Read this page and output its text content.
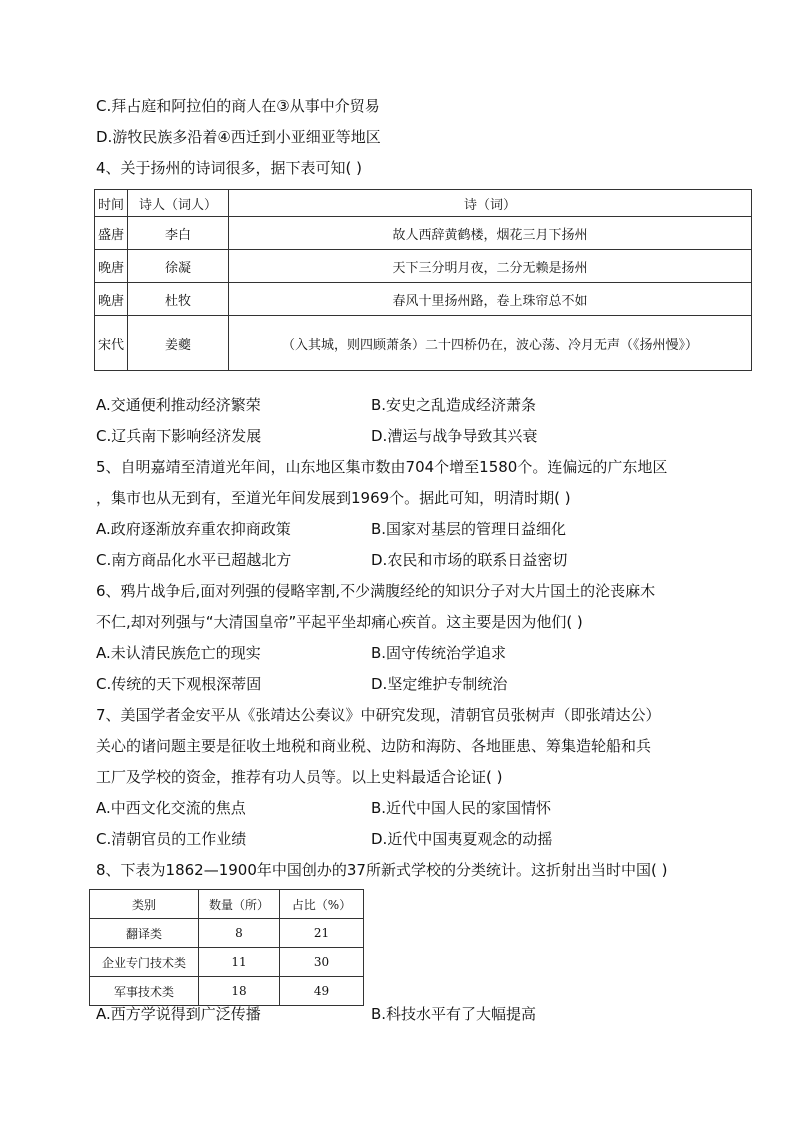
C.拜占庭和阿拉伯的商人在③从事中介贸易
D.游牧民族多沿着④西迁到小亚细亚等地区
4、关于扬州的诗词很多，据下表可知( )
时间	诗人（词人）	诗（词）
盛唐	李白	故人西辞黄鹤楼，烟花三月下扬州
晚唐	徐凝	天下三分明月夜，二分无赖是扬州
晚唐	杜牧	春风十里扬州路，卷上珠帘总不如
宋代	姜夔	（入其城，则四顾萧条）二十四桥仍在，波心荡、冷月无声（《扬州慢》）
A.交通便利推动经济繁荣	B.安史之乱造成经济萧条
C.辽兵南下影响经济发展	D.漕运与战争导致其兴衰
5、自明嘉靖至清道光年间，山东地区集市数由704个增至1580个。连偏远的广东地区
，集市也从无到有，至道光年间发展到1969个。据此可知，明清时期( )
A.政府逐渐放弃重农抑商政策	B.国家对基层的管理日益细化
C.南方商品化水平已超越北方	D.农民和市场的联系日益密切
6、鸦片战争后,面对列强的侵略宰割,不少满腹经纶的知识分子对大片国土的沦丧麻木
不仁,却对列强与“大清国皇帝”平起平坐却痛心疾首。这主要是因为他们( )
A.未认清民族危亡的现实	B.固守传统治学追求
C.传统的天下观根深蒂固	D.坚定维护专制统治
7、美国学者金安平从《张靖达公奏议》中研究发现，清朝官员张树声（即张靖达公）
关心的诸问题主要是征收土地税和商业税、边防和海防、各地匪患、筹集造轮船和兵
工厂及学校的资金，推荐有功人员等。以上史料最适合论证( )
A.中西文化交流的焦点	B.近代中国人民的家国情怀
C.清朝官员的工作业绩	D.近代中国夷夏观念的动摇
8、下表为1862—1900年中国创办的37所新式学校的分类统计。这折射出当时中国( )
类别	数量（所）	占比（%）
翻译类	8	21
企业专门技术类	11	30
军事技术类	18	49
A.西方学说得到广泛传播	B.科技水平有了大幅提高
